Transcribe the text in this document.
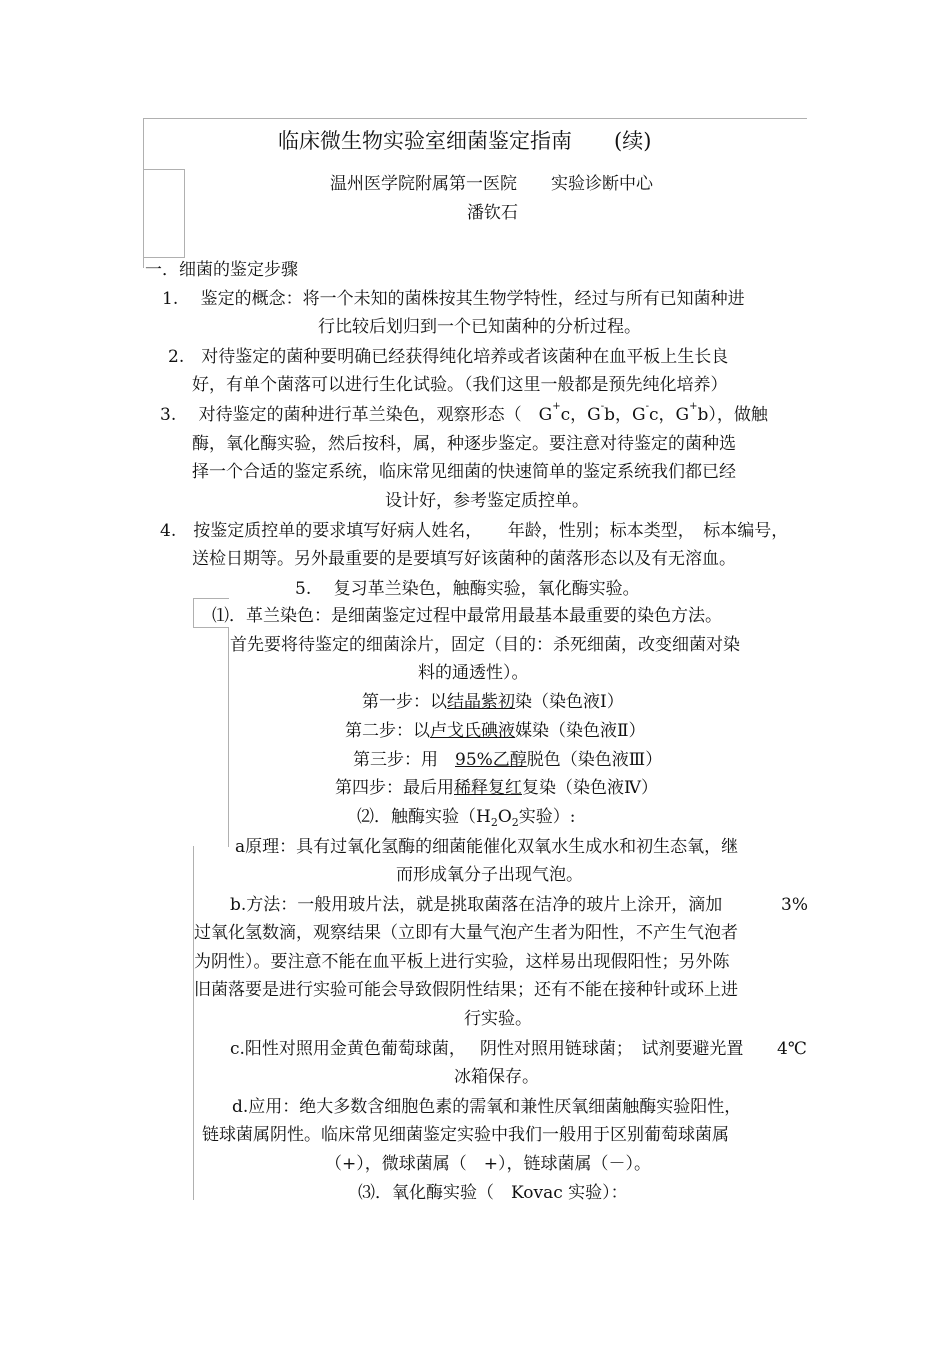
临床微生物实验室细菌鉴定指南　　(续)
温州医学院附属第一医院　　实验诊断中心
潘钦石
一．细菌的鉴定步骤
1.　 鉴定的概念：将一个未知的菌株按其生物学特性，经过与所有已知菌种进
行比较后划归到一个已知菌种的分析过程。
2.　对待鉴定的菌种要明确已经获得纯化培养或者该菌种在血平板上生长良
好，有单个菌落可以进行生化试验。（我们这里一般都是预先纯化培养）
3.　 对待鉴定的菌种进行革兰染色，观察形态（　G+c，G-b，G-c，G+b），做触
酶，氧化酶实验，然后按科，属，种逐步鉴定。要注意对待鉴定的菌种选
择一个合适的鉴定系统，临床常见细菌的快速简单的鉴定系统我们都已经
设计好，参考鉴定质控单。
4.　按鉴定质控单的要求填写好病人姓名，　　年龄，性别；标本类型，　标本编号，
送检日期等。另外最重要的是要填写好该菌种的菌落形态以及有无溶血。
5.　 复习革兰染色，触酶实验，氧化酶实验。
⑴．革兰染色：是细菌鉴定过程中最常用最基本最重要的染色方法。
首先要将待鉴定的细菌涂片，固定（目的：杀死细菌，改变细菌对染
料的通透性）。
第一步：以结晶紫初染（染色液Ⅰ）
第二步：以卢戈氏碘液媒染（染色液Ⅱ）
第三步：用　95%乙醇脱色（染色液Ⅲ）
第四步：最后用稀释复红复染（染色液Ⅳ）
⑵．触酶实验（$H_2O_2$实验）:
a原理：具有过氧化氢酶的细菌能催化双氧水生成水和初生态氧，继
而形成氧分子出现气泡。
b.方法：一般用玻片法，就是挑取菌落在洁净的玻片上涂开，滴加	3%
过氧化氢数滴，观察结果（立即有大量气泡产生者为阳性，不产生气泡者
为阴性）。要注意不能在血平板上进行实验，这样易出现假阳性；另外陈
旧菌落要是进行实验可能会导致假阴性结果；还有不能在接种针或环上进
行实验。
c.阳性对照用金黄色葡萄球菌，　 阴性对照用链球菌；　试剂要避光置 4℃
冰箱保存。
d.应用：绝大多数含细胞色素的需氧和兼性厌氧细菌触酶实验阳性，
链球菌属阴性。临床常见细菌鉴定实验中我们一般用于区别葡萄球菌属
（+），微球菌属（　+），链球菌属（－）。
⑶．氧化酶实验（　Kovac 实验）：
